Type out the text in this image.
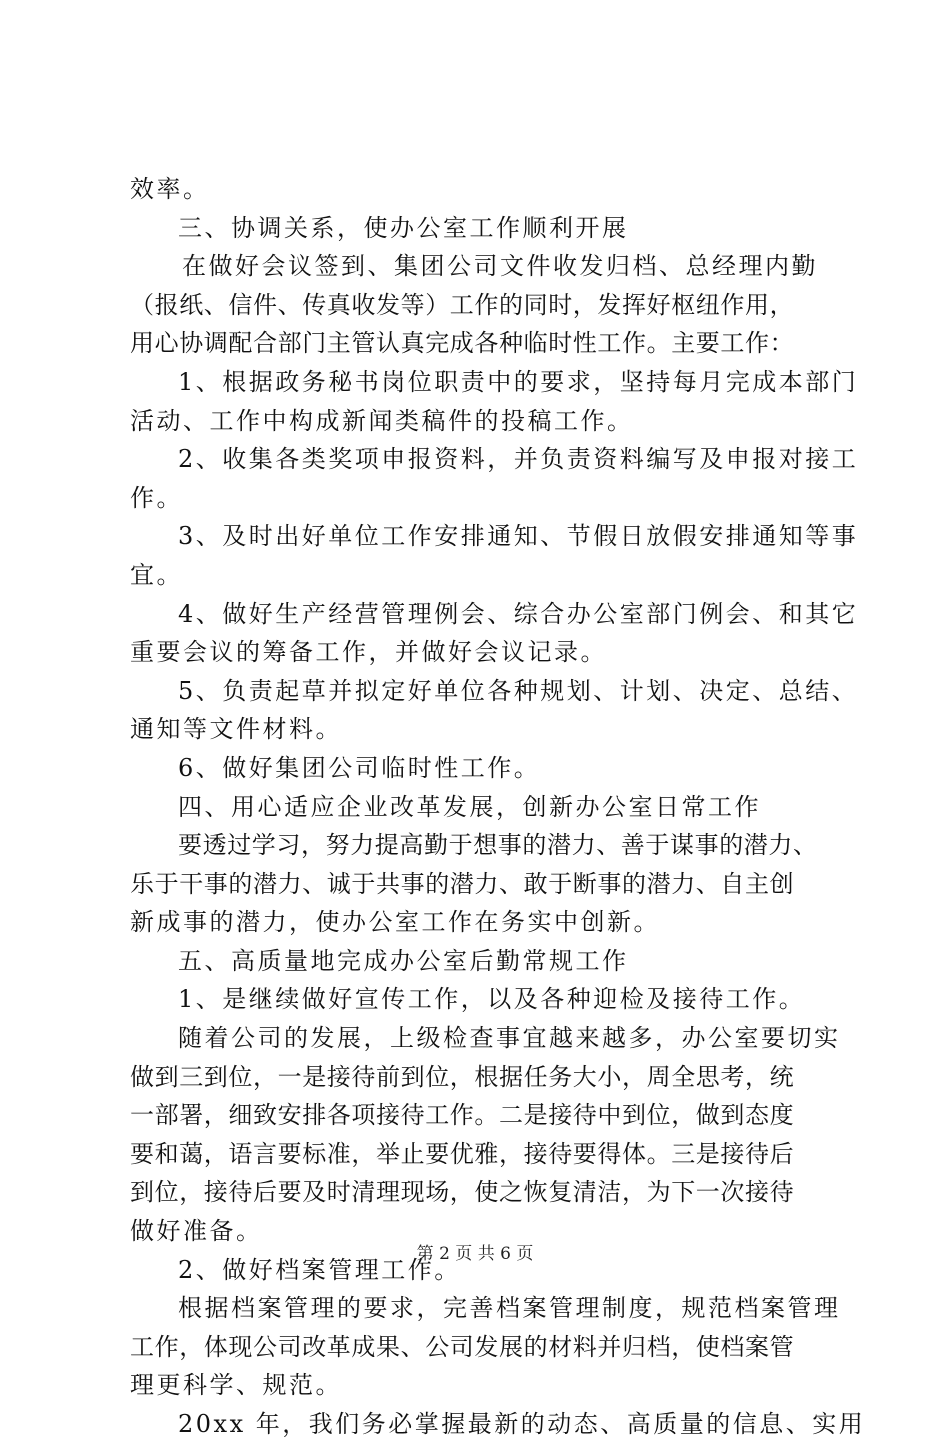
效率。
三、协调关系，使办公室工作顺利开展
在做好会议签到、集团公司文件收发归档、总经理内勤
（报纸、信件、传真收发等）工作的同时，发挥好枢纽作用，
用心协调配合部门主管认真完成各种临时性工作。主要工作：
1、根据政务秘书岗位职责中的要求，坚持每月完成本部门
活动、工作中构成新闻类稿件的投稿工作。
2、收集各类奖项申报资料，并负责资料编写及申报对接工
作。
3、及时出好单位工作安排通知、节假日放假安排通知等事
宜。
4、做好生产经营管理例会、综合办公室部门例会、和其它
重要会议的筹备工作，并做好会议记录。
5、负责起草并拟定好单位各种规划、计划、决定、总结、
通知等文件材料。
6、做好集团公司临时性工作。
四、用心适应企业改革发展，创新办公室日常工作
要透过学习，努力提高勤于想事的潜力、善于谋事的潜力、
乐于干事的潜力、诚于共事的潜力、敢于断事的潜力、自主创
新成事的潜力，使办公室工作在务实中创新。
五、高质量地完成办公室后勤常规工作
1、是继续做好宣传工作，以及各种迎检及接待工作。
随着公司的发展，上级检查事宜越来越多，办公室要切实
做到三到位，一是接待前到位，根据任务大小，周全思考，统
一部署，细致安排各项接待工作。二是接待中到位，做到态度
要和蔼，语言要标准，举止要优雅，接待要得体。三是接待后
到位，接待后要及时清理现场，使之恢复清洁，为下一次接待
做好准备。
2、做好档案管理工作。
根据档案管理的要求，完善档案管理制度，规范档案管理
工作，体现公司改革成果、公司发展的材料并归档，使档案管
理更科学、规范。
20xx 年，我们务必掌握最新的动态、高质量的信息、实用
第 2 页 共 6 页
